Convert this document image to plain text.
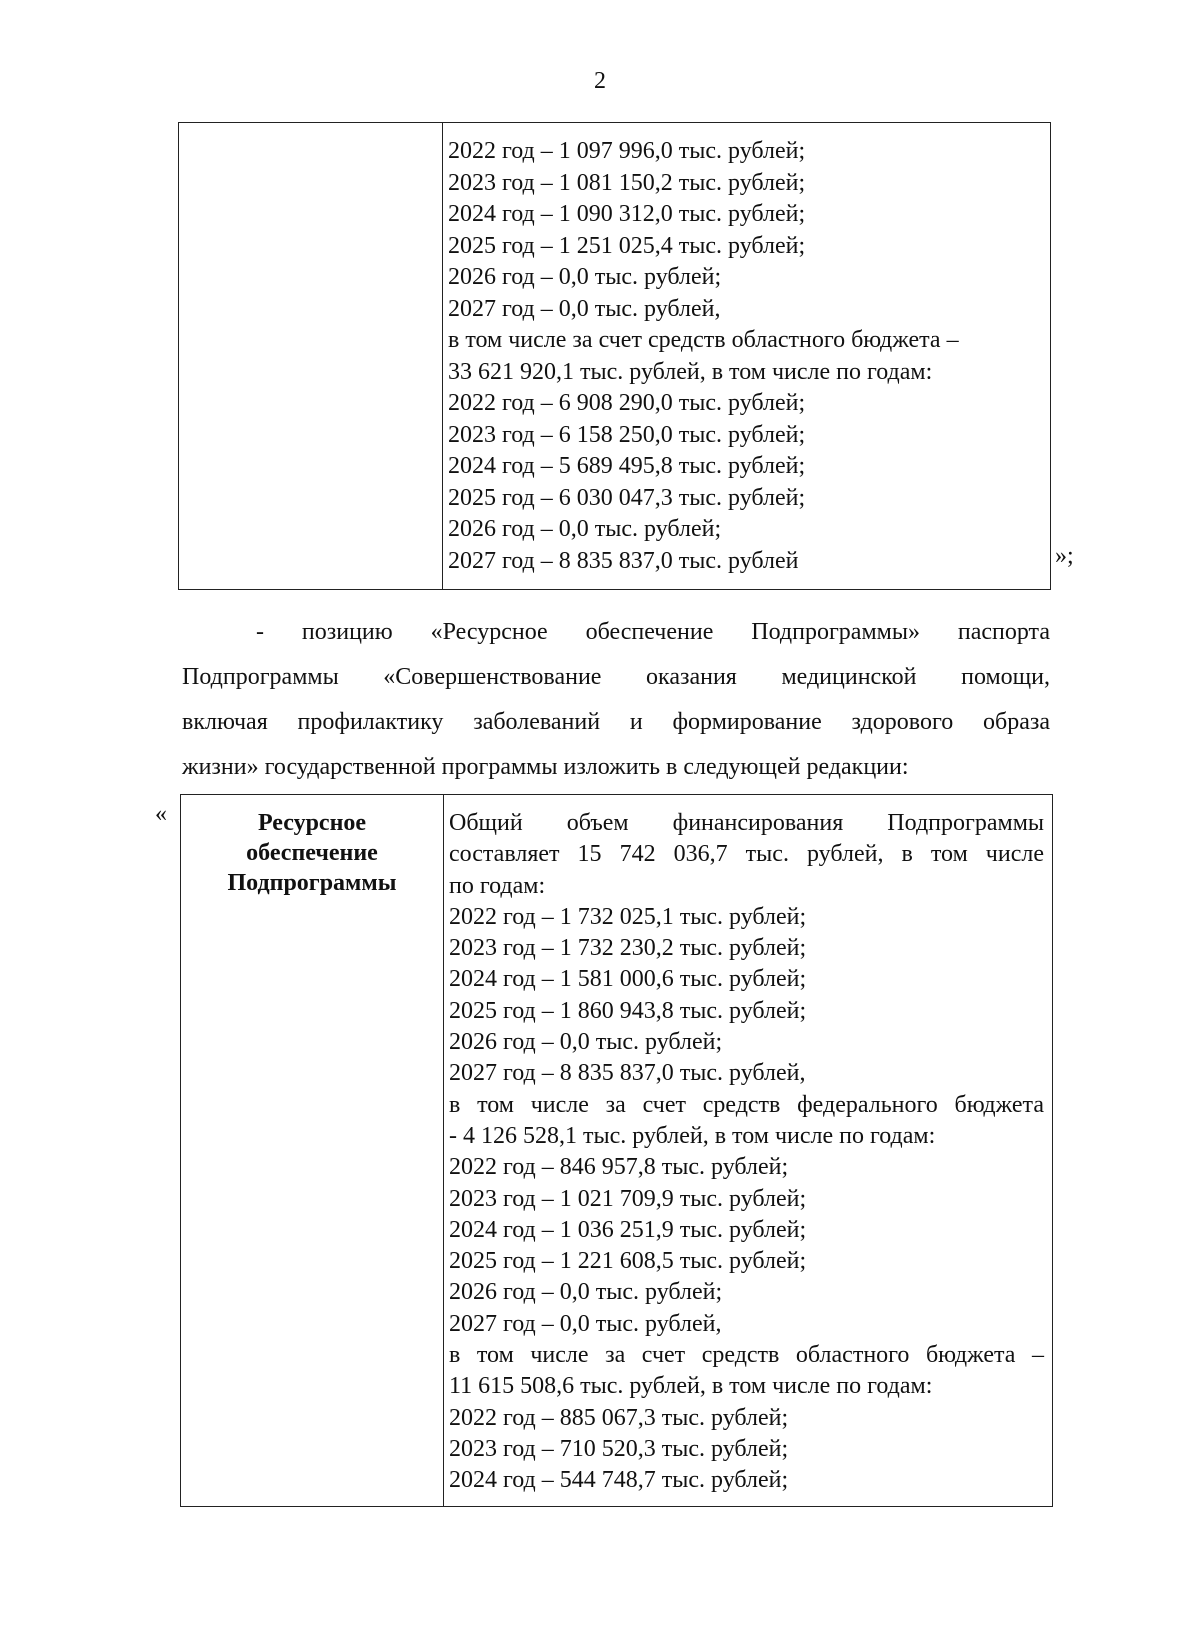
2
2022 год – 1 097 996,0 тыс. рублей;
2023 год – 1 081 150,2 тыс. рублей;
2024 год – 1 090 312,0 тыс. рублей;
2025 год – 1 251 025,4 тыс. рублей;
2026 год – 0,0 тыс. рублей;
2027 год – 0,0 тыс. рублей,
в том числе за счет средств областного бюджета –
33 621 920,1 тыс. рублей, в том числе по годам:
2022 год – 6 908 290,0 тыс. рублей;
2023 год – 6 158 250,0 тыс. рублей;
2024 год – 5 689 495,8 тыс. рублей;
2025 год – 6 030 047,3 тыс. рублей;
2026 год – 0,0 тыс. рублей;
2027 год – 8 835 837,0 тыс. рублей	»;
- позицию «Ресурсное обеспечение Подпрограммы» паспорта
Подпрограммы «Совершенствование оказания медицинской помощи,
включая профилактику заболеваний и формирование здорового образа
жизни» государственной программы изложить в следующей редакции:
«	Ресурсное
обеспечение
Подпрограммы
Общий объем финансирования Подпрограммы
составляет 15 742 036,7 тыс. рублей, в том числе
по годам:
2022 год – 1 732 025,1 тыс. рублей;
2023 год – 1 732 230,2 тыс. рублей;
2024 год – 1 581 000,6 тыс. рублей;
2025 год – 1 860 943,8 тыс. рублей;
2026 год – 0,0 тыс. рублей;
2027 год – 8 835 837,0 тыс. рублей,
в том числе за счет средств федерального бюджета
- 4 126 528,1 тыс. рублей, в том числе по годам:
2022 год – 846 957,8 тыс. рублей;
2023 год – 1 021 709,9 тыс. рублей;
2024 год – 1 036 251,9 тыс. рублей;
2025 год – 1 221 608,5 тыс. рублей;
2026 год – 0,0 тыс. рублей;
2027 год – 0,0 тыс. рублей,
в том числе за счет средств областного бюджета –
11 615 508,6 тыс. рублей, в том числе по годам:
2022 год – 885 067,3 тыс. рублей;
2023 год – 710 520,3 тыс. рублей;
2024 год – 544 748,7 тыс. рублей;
